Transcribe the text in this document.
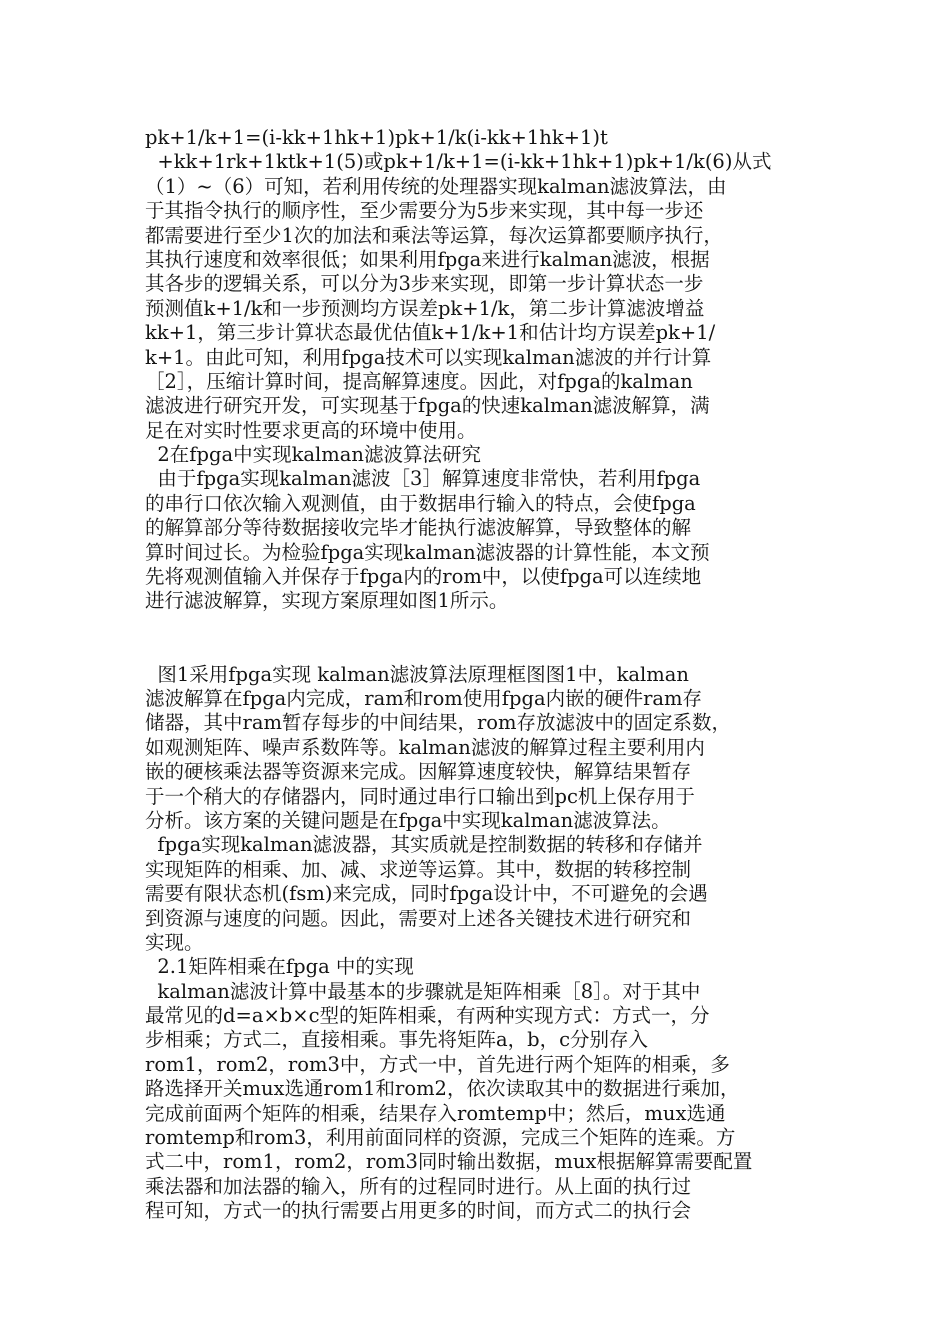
pk+1/k+1=(i-kk+1hk+1)pk+1/k(i-kk+1hk+1)t
+kk+1rk+1ktk+1(5)或pk+1/k+1=(i-kk+1hk+1)pk+1/k(6)从式
（1）~（6）可知，若利用传统的处理器实现kalman滤波算法，由
于其指令执行的顺序性，至少需要分为5步来实现，其中每一步还
都需要进行至少1次的加法和乘法等运算，每次运算都要顺序执行，
其执行速度和效率很低；如果利用fpga来进行kalman滤波，根据
其各步的逻辑关系，可以分为3步来实现，即第一步计算状态一步
预测值k+1/k和一步预测均方误差pk+1/k，第二步计算滤波增益
kk+1，第三步计算状态最优估值k+1/k+1和估计均方误差pk+1/
k+1。由此可知，利用fpga技术可以实现kalman滤波的并行计算
［2］，压缩计算时间，提高解算速度。因此，对fpga的kalman
滤波进行研究开发，可实现基于fpga的快速kalman滤波解算，满
足在对实时性要求更高的环境中使用。
2在fpga中实现kalman滤波算法研究
由于fpga实现kalman滤波［3］解算速度非常快，若利用fpga
的串行口依次输入观测值，由于数据串行输入的特点，会使fpga
的解算部分等待数据接收完毕才能执行滤波解算，导致整体的解
算时间过长。为检验fpga实现kalman滤波器的计算性能，本文预
先将观测值输入并保存于fpga内的rom中，以使fpga可以连续地
进行滤波解算，实现方案原理如图1所示。
图1采用fpga实现 kalman滤波算法原理框图图1中，kalman
滤波解算在fpga内完成，ram和rom使用fpga内嵌的硬件ram存
储器，其中ram暂存每步的中间结果，rom存放滤波中的固定系数，
如观测矩阵、噪声系数阵等。kalman滤波的解算过程主要利用内
嵌的硬核乘法器等资源来完成。因解算速度较快，解算结果暂存
于一个稍大的存储器内，同时通过串行口输出到pc机上保存用于
分析。该方案的关键问题是在fpga中实现kalman滤波算法。
fpga实现kalman滤波器，其实质就是控制数据的转移和存储并
实现矩阵的相乘、加、减、求逆等运算。其中，数据的转移控制
需要有限状态机(fsm)来完成，同时fpga设计中，不可避免的会遇
到资源与速度的问题。因此，需要对上述各关键技术进行研究和
实现。
2.1矩阵相乘在fpga 中的实现
kalman滤波计算中最基本的步骤就是矩阵相乘［8］。对于其中
最常见的d=a×b×c型的矩阵相乘，有两种实现方式：方式一，分
步相乘；方式二，直接相乘。事先将矩阵a，b，c分别存入
rom1，rom2，rom3中，方式一中，首先进行两个矩阵的相乘，多
路选择开关mux选通rom1和rom2，依次读取其中的数据进行乘加，
完成前面两个矩阵的相乘，结果存入romtemp中；然后，mux选通
romtemp和rom3，利用前面同样的资源，完成三个矩阵的连乘。方
式二中，rom1，rom2，rom3同时输出数据，mux根据解算需要配置
乘法器和加法器的输入，所有的过程同时进行。从上面的执行过
程可知，方式一的执行需要占用更多的时间，而方式二的执行会
